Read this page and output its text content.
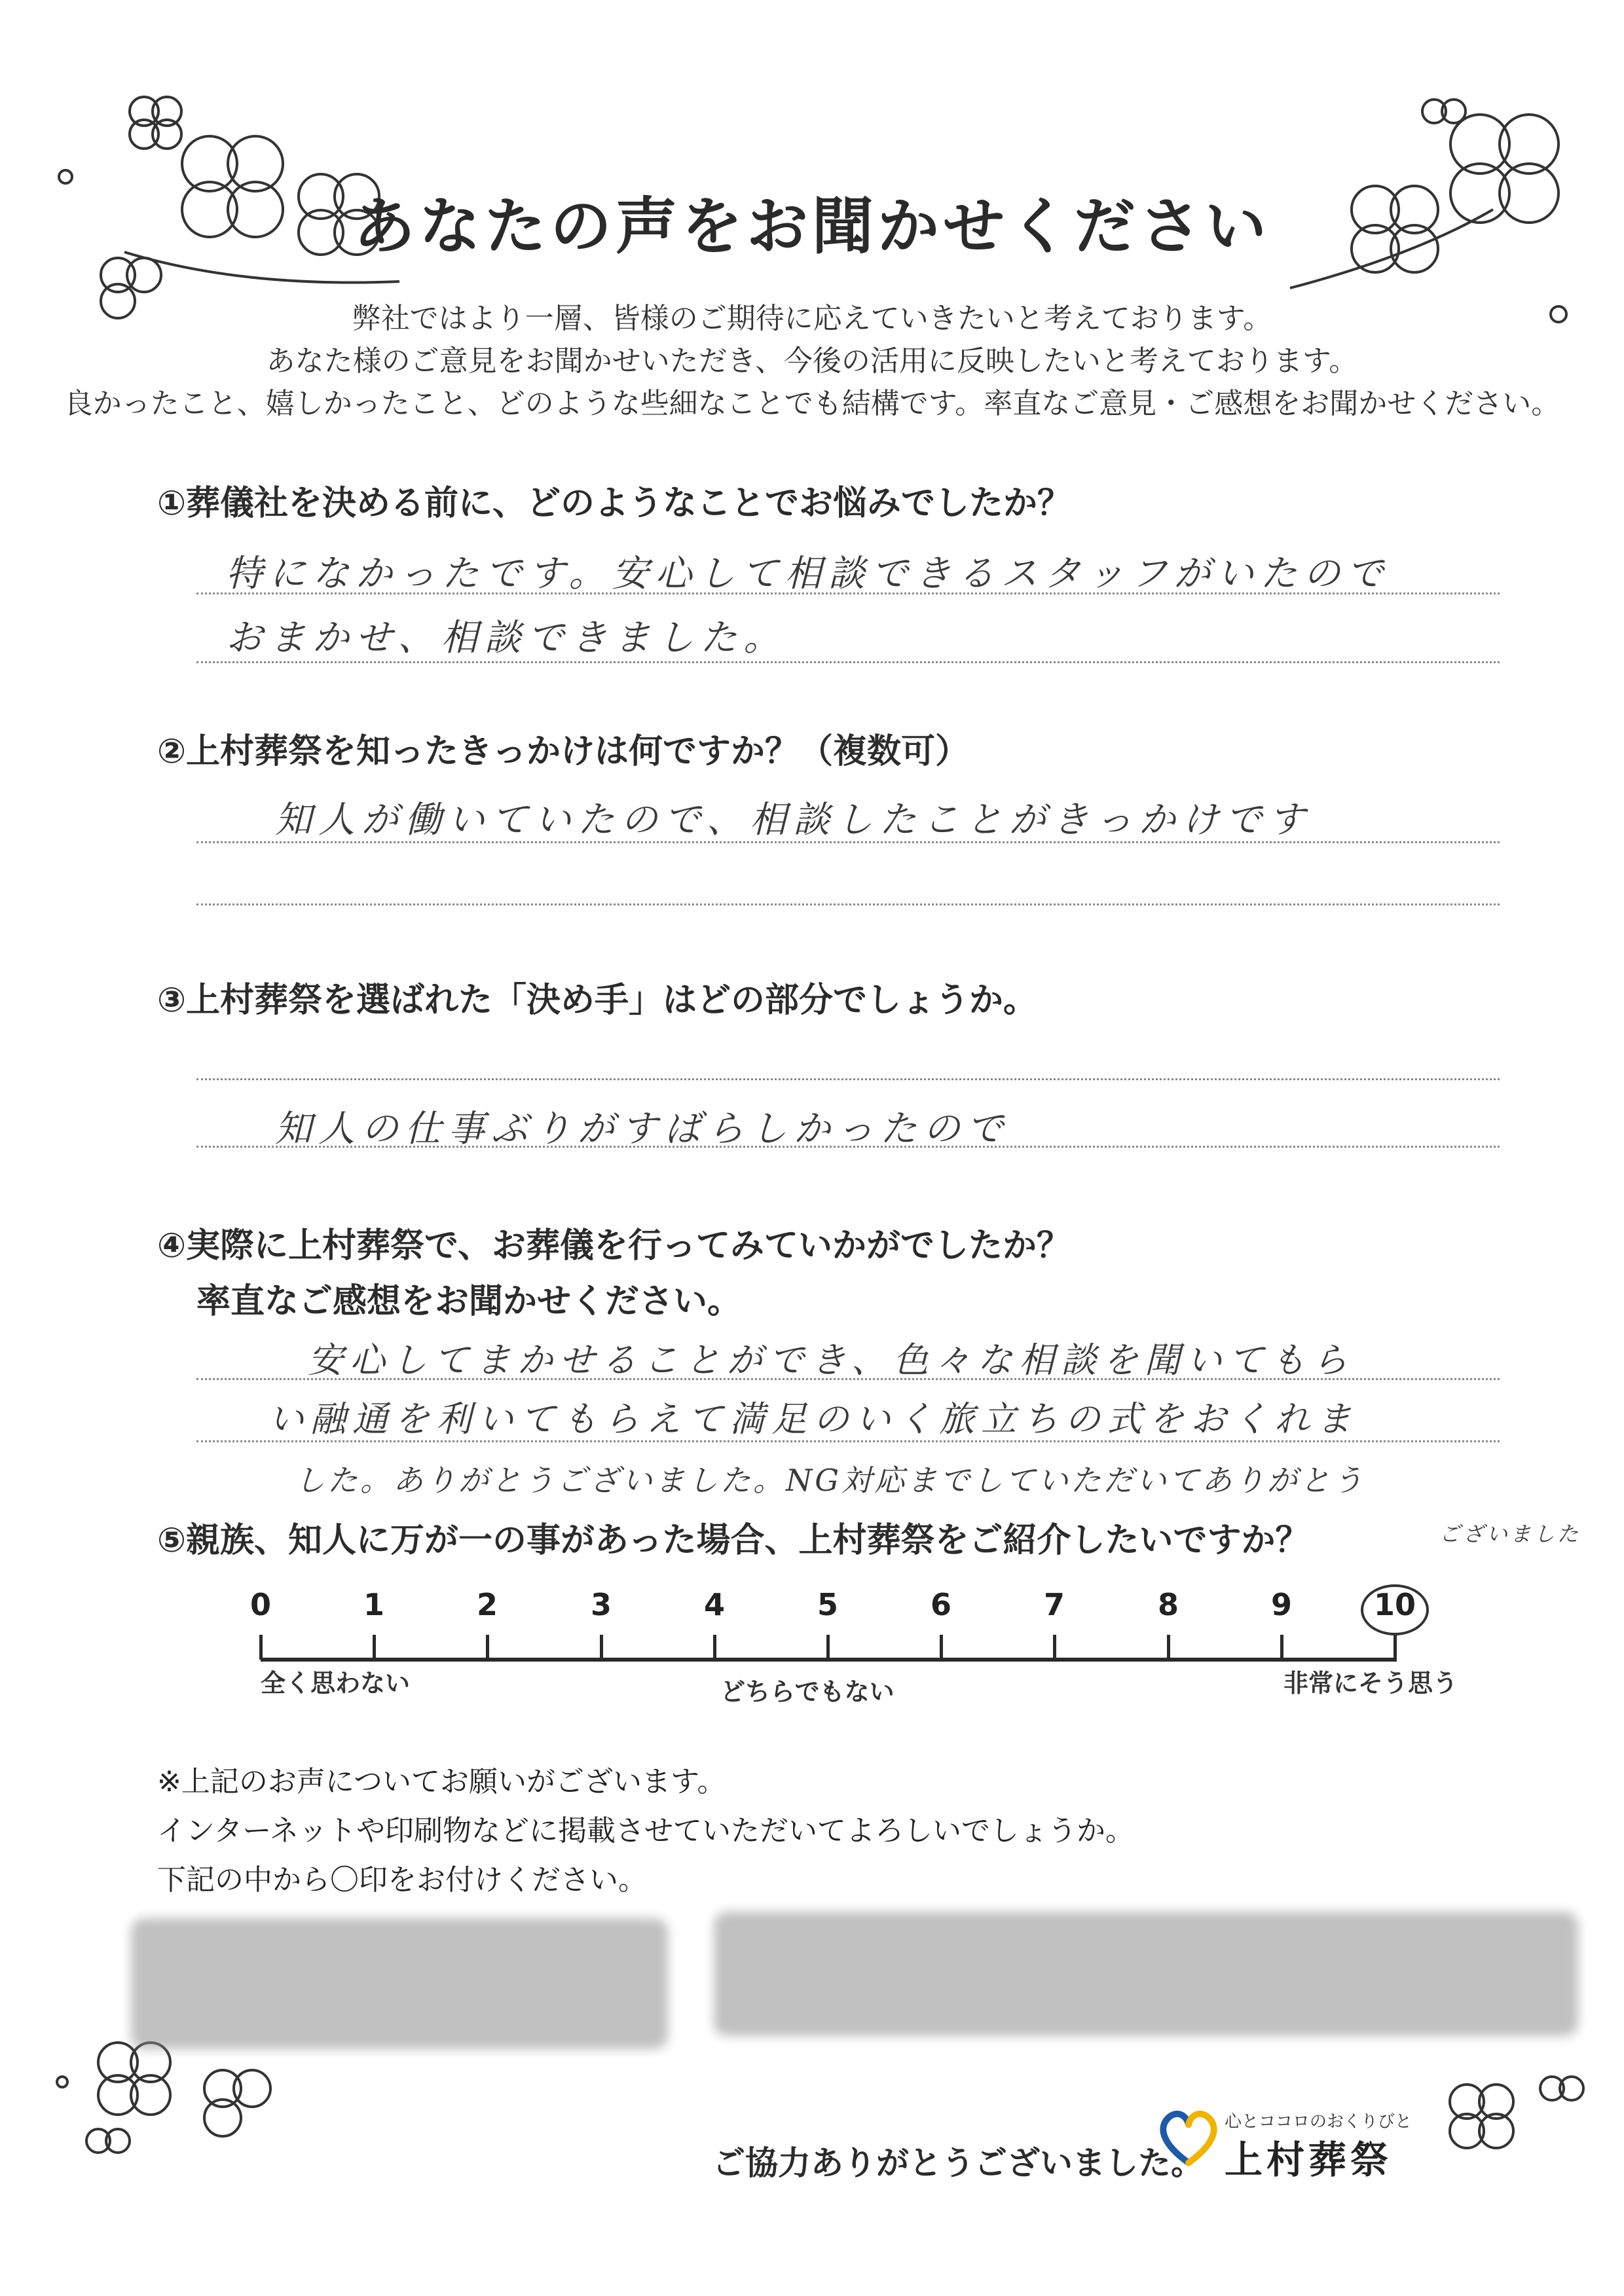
あなたの声をお聞かせください
弊社ではより一層、皆様のご期待に応えていきたいと考えております。
あなた様のご意見をお聞かせいただき、今後の活用に反映したいと考えております。
良かったこと、嬉しかったこと、どのような些細なことでも結構です。率直なご意見・ご感想をお聞かせください。
①葬儀社を決める前に、どのようなことでお悩みでしたか？
特になかったです。安心して相談できるスタッフがいたので
おまかせ、相談できました。
②上村葬祭を知ったきっかけは何ですか？（複数可）
知人が働いていたので、相談したことがきっかけです
③上村葬祭を選ばれた「決め手」はどの部分でしょうか。
知人の仕事ぶりがすばらしかったので
④実際に上村葬祭で、お葬儀を行ってみていかがでしたか？
率直なご感想をお聞かせください。
安心してまかせることができ、色々な相談を聞いてもら
い融通を利いてもらえて満足のいく旅立ちの式をおくれま
した。ありがとうございました。NG対応までしていただいてありがとう
⑤親族、知人に万が一の事があった場合、上村葬祭をご紹介したいですか？	ございました
0	1	2	3	4	5	6	7	8	9	10
全く思わない	どちらでもない	非常にそう思う
※上記のお声についてお願いがございます。
インターネットや印刷物などに掲載させていただいてよろしいでしょうか。
下記の中から〇印をお付けください。
ご協力ありがとうございました。
心とココロのおくりびと
上村葬祭
